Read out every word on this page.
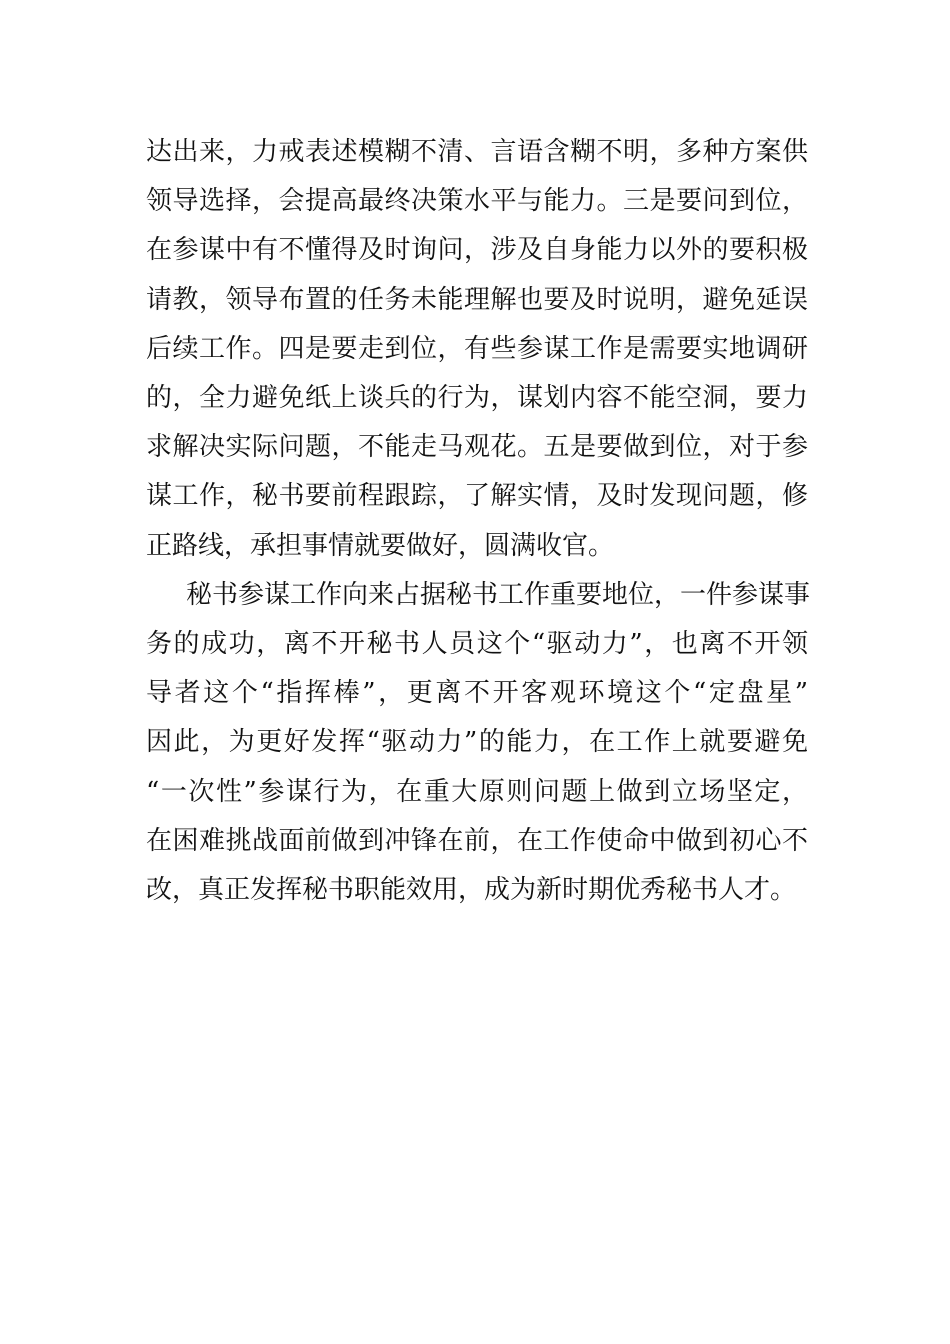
达出来，力戒表述模糊不清、言语含糊不明，多种方案供
领导选择，会提高最终决策水平与能力。三是要问到位，
在参谋中有不懂得及时询问，涉及自身能力以外的要积极
请教，领导布置的任务未能理解也要及时说明，避免延误
后续工作。四是要走到位，有些参谋工作是需要实地调研
的，全力避免纸上谈兵的行为，谋划内容不能空洞，要力
求解决实际问题，不能走马观花。五是要做到位，对于参
谋工作，秘书要前程跟踪，了解实情，及时发现问题，修
正路线，承担事情就要做好，圆满收官。
秘书参谋工作向来占据秘书工作重要地位，一件参谋事
务的成功，离不开秘书人员这个“驱动力”，也离不开领
导者这个“指挥棒”，更离不开客观环境这个“定盘星”
因此，为更好发挥“驱动力”的能力，在工作上就要避免
“一次性”参谋行为，在重大原则问题上做到立场坚定，
在困难挑战面前做到冲锋在前，在工作使命中做到初心不
改，真正发挥秘书职能效用，成为新时期优秀秘书人才。
